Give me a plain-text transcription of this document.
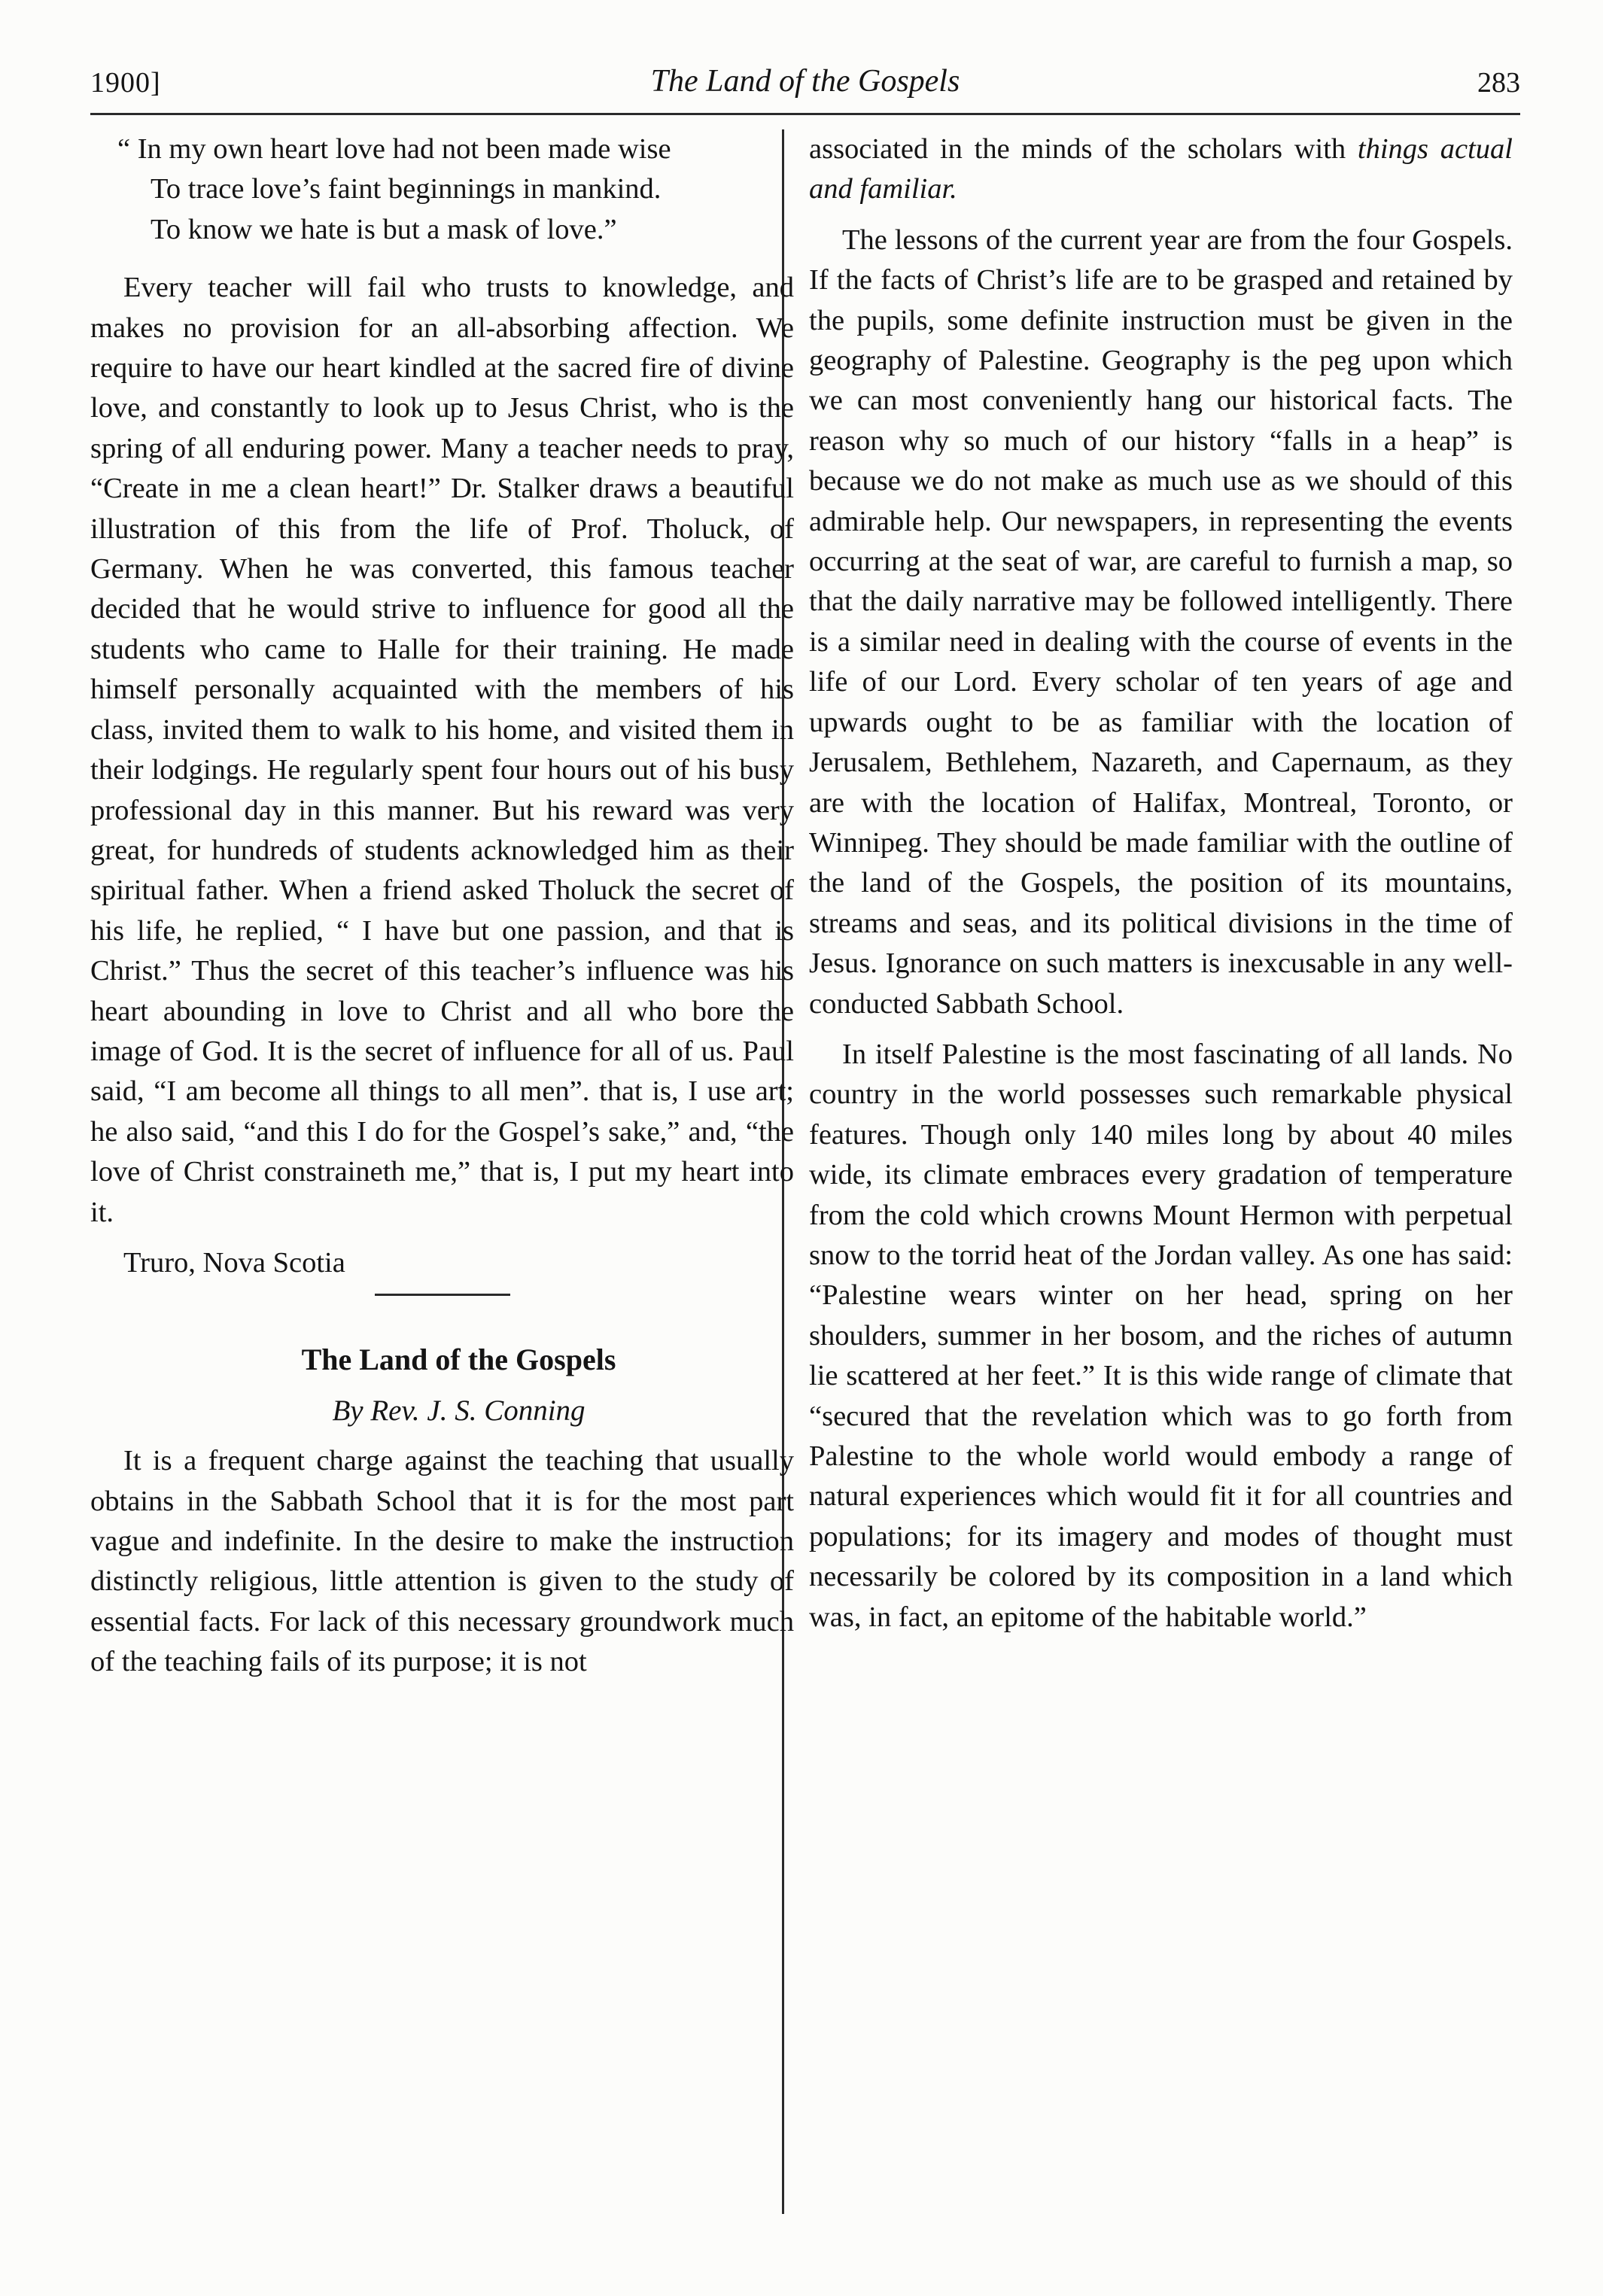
1900]	The Land of the Gospels	283
“ In my own heart love had not been made wise
To trace love’s faint beginnings in mankind.
To know we hate is but a mask of love.”

Every teacher will fail who trusts to knowledge, and makes no provision for an all-absorbing affection. We require to have our heart kindled at the sacred fire of divine love, and constantly to look up to Jesus Christ, who is the spring of all enduring power. Many a teacher needs to pray, “Create in me a clean heart!” Dr. Stalker draws a beautiful illustration of this from the life of Prof. Tholuck, of Germany. When he was converted, this famous teacher decided that he would strive to influence for good all the students who came to Halle for their training. He made himself personally acquainted with the members of his class, invited them to walk to his home, and visited them in their lodgings. He regularly spent four hours out of his busy professional day in this manner. But his reward was very great, for hundreds of students acknowledged him as their spiritual father. When a friend asked Tholuck the secret of his life, he replied, “ I have but one passion, and that is Christ.” Thus the secret of this teacher’s influence was his heart abounding in love to Christ and all who bore the image of God. It is the secret of influence for all of us. Paul said, “I am become all things to all men”. that is, I use art; he also said, “and this I do for the Gospel’s sake,” and, “the love of Christ constraineth me,” that is, I put my heart into it.

Truro, Nova Scotia

The Land of the Gospels

By Rev. J. S. Conning

It is a frequent charge against the teaching that usually obtains in the Sabbath School that it is for the most part vague and indefinite. In the desire to make the instruction distinctly religious, little attention is given to the study of essential facts. For lack of this necessary groundwork much of the teaching fails of its purpose; it is not

associated in the minds of the scholars with things actual and familiar.

The lessons of the current year are from the four Gospels. If the facts of Christ’s life are to be grasped and retained by the pupils, some definite instruction must be given in the geography of Palestine. Geography is the peg upon which we can most conveniently hang our historical facts. The reason why so much of our history “falls in a heap” is because we do not make as much use as we should of this admirable help. Our newspapers, in representing the events occurring at the seat of war, are careful to furnish a map, so that the daily narrative may be followed intelligently. There is a similar need in dealing with the course of events in the life of our Lord. Every scholar of ten years of age and upwards ought to be as familiar with the location of Jerusalem, Bethlehem, Nazareth, and Capernaum, as they are with the location of Halifax, Montreal, Toronto, or Winnipeg. They should be made familiar with the outline of the land of the Gospels, the position of its mountains, streams and seas, and its political divisions in the time of Jesus. Ignorance on such matters is inexcusable in any well-conducted Sabbath School.

In itself Palestine is the most fascinating of all lands. No country in the world possesses such remarkable physical features. Though only 140 miles long by about 40 miles wide, its climate embraces every gradation of temperature from the cold which crowns Mount Hermon with perpetual snow to the torrid heat of the Jordan valley. As one has said: “Palestine wears winter on her head, spring on her shoulders, summer in her bosom, and the riches of autumn lie scattered at her feet.” It is this wide range of climate that “secured that the revelation which was to go forth from Palestine to the whole world would embody a range of natural experiences which would fit it for all countries and populations; for its imagery and modes of thought must necessarily be colored by its composition in a land which was, in fact, an epitome of the habitable world.”
